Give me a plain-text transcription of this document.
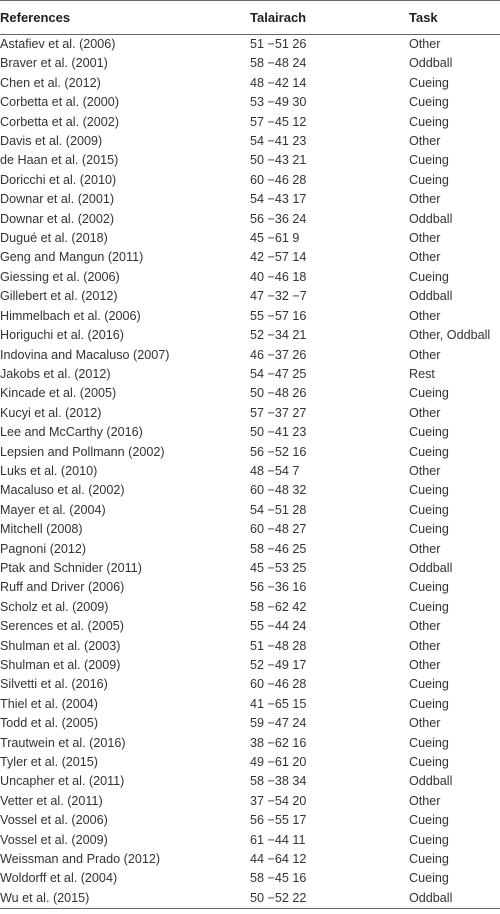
References	Talairach	Task
Astafiev et al. (2006)	51 −51 26	Other
Braver et al. (2001)	58 −48 24	Oddball
Chen et al. (2012)	48 −42 14	Cueing
Corbetta et al. (2000)	53 −49 30	Cueing
Corbetta et al. (2002)	57 −45 12	Cueing
Davis et al. (2009)	54 −41 23	Other
de Haan et al. (2015)	50 −43 21	Cueing
Doricchi et al. (2010)	60 −46 28	Cueing
Downar et al. (2001)	54 −43 17	Other
Downar et al. (2002)	56 −36 24	Oddball
Dugué et al. (2018)	45 −61 9	Other
Geng and Mangun (2011)	42 −57 14	Other
Giessing et al. (2006)	40 −46 18	Cueing
Gillebert et al. (2012)	47 −32 −7	Oddball
Himmelbach et al. (2006)	55 −57 16	Other
Horiguchi et al. (2016)	52 −34 21	Other, Oddball
Indovina and Macaluso (2007)	46 −37 26	Other
Jakobs et al. (2012)	54 −47 25	Rest
Kincade et al. (2005)	50 −48 26	Cueing
Kucyi et al. (2012)	57 −37 27	Other
Lee and McCarthy (2016)	50 −41 23	Cueing
Lepsien and Pollmann (2002)	56 −52 16	Cueing
Luks et al. (2010)	48 −54 7	Other
Macaluso et al. (2002)	60 −48 32	Cueing
Mayer et al. (2004)	54 −51 28	Cueing
Mitchell (2008)	60 −48 27	Cueing
Pagnoni (2012)	58 −46 25	Other
Ptak and Schnider (2011)	45 −53 25	Oddball
Ruff and Driver (2006)	56 −36 16	Cueing
Scholz et al. (2009)	58 −62 42	Cueing
Serences et al. (2005)	55 −44 24	Other
Shulman et al. (2003)	51 −48 28	Other
Shulman et al. (2009)	52 −49 17	Other
Silvetti et al. (2016)	60 −46 28	Cueing
Thiel et al. (2004)	41 −65 15	Cueing
Todd et al. (2005)	59 −47 24	Other
Trautwein et al. (2016)	38 −62 16	Cueing
Tyler et al. (2015)	49 −61 20	Cueing
Uncapher et al. (2011)	58 −38 34	Oddball
Vetter et al. (2011)	37 −54 20	Other
Vossel et al. (2006)	56 −55 17	Cueing
Vossel et al. (2009)	61 −44 11	Cueing
Weissman and Prado (2012)	44 −64 12	Cueing
Woldorff et al. (2004)	58 −45 16	Cueing
Wu et al. (2015)	50 −52 22	Oddball
